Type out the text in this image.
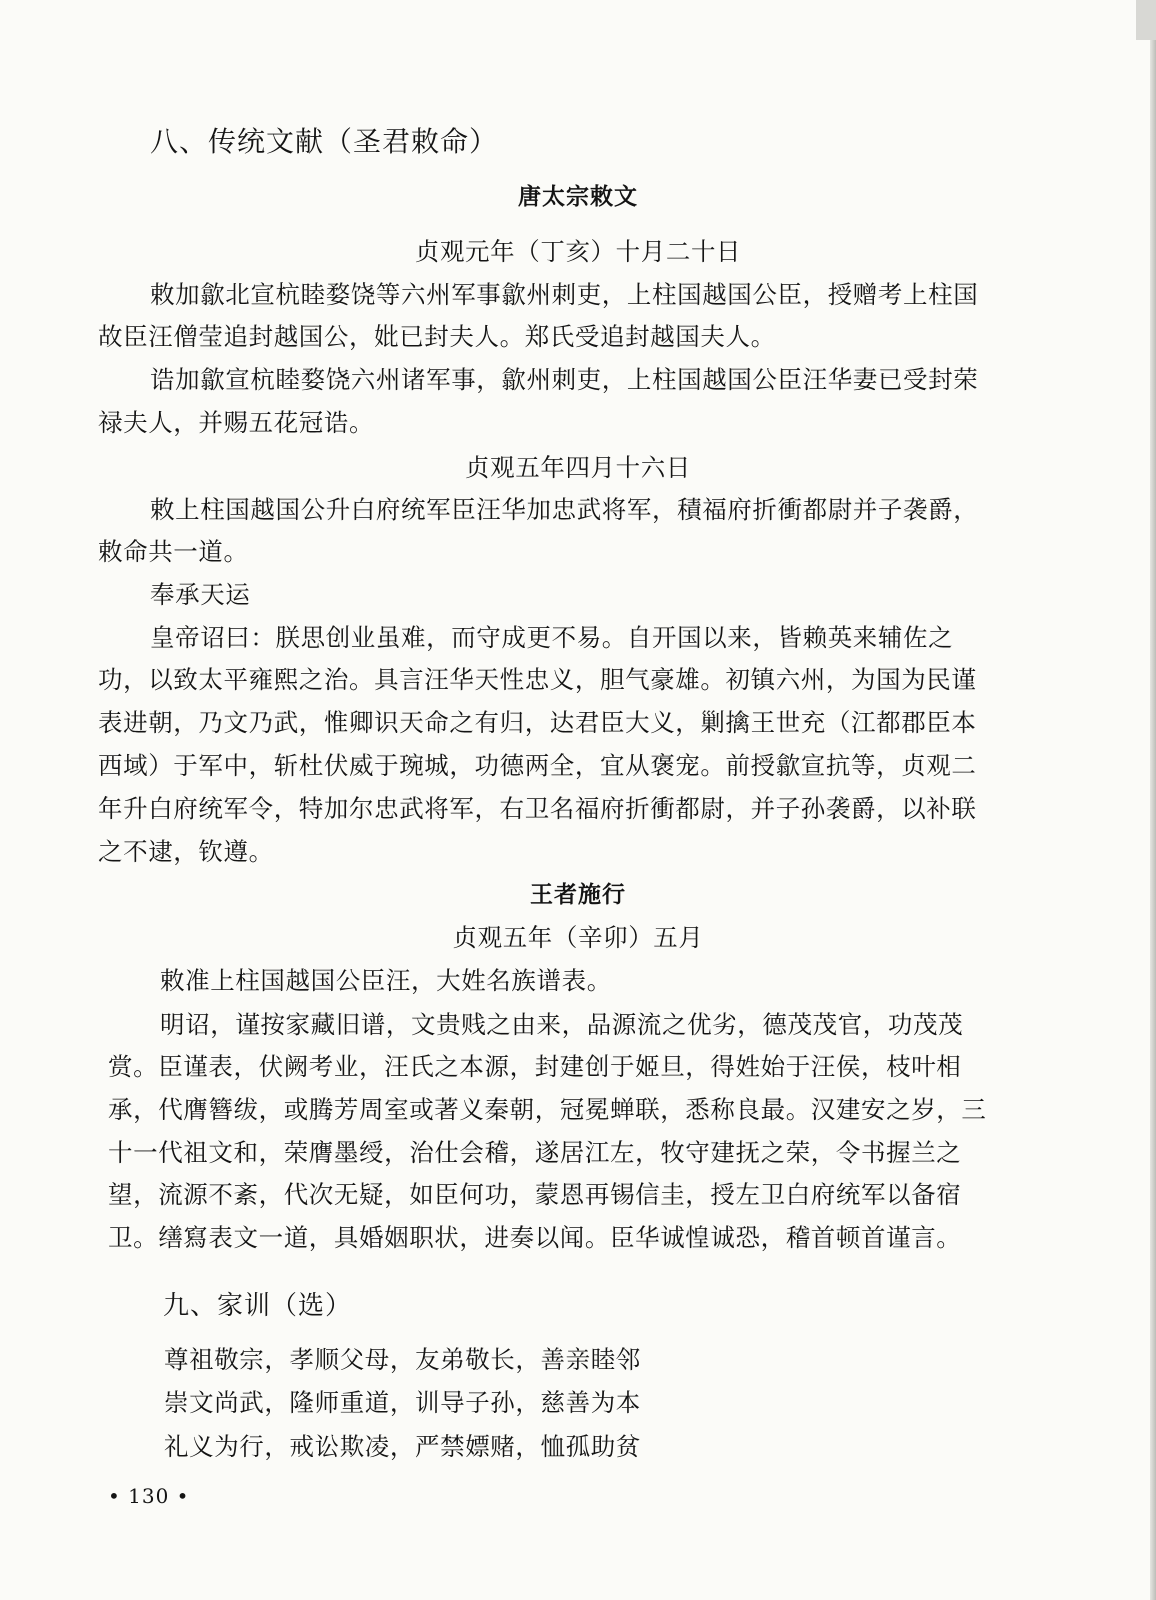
八、传统文献（圣君敕命）
唐太宗敕文
贞观元年（丁亥）十月二十日
敕加歙北宣杭睦婺饶等六州军事歙州刺吏，上柱国越国公臣，授赠考上柱国
故臣汪僧莹追封越国公，妣已封夫人。郑氏受追封越国夫人。
诰加歙宣杭睦婺饶六州诸军事，歙州刺吏，上柱国越国公臣汪华妻已受封荣
禄夫人，并赐五花冠诰。
贞观五年四月十六日
敕上柱国越国公升白府统军臣汪华加忠武将军，積福府折衝都尉并子袭爵，
敕命共一道。
奉承天运
皇帝诏曰：朕思创业虽难，而守成更不易。自开国以来，皆赖英来辅佐之
功，以致太平雍熙之治。具言汪华天性忠义，胆气豪雄。初镇六州，为国为民谨
表进朝，乃文乃武，惟卿识天命之有归，达君臣大义，剿擒王世充（江都郡臣本
西域）于军中，斩杜伏威于琬城，功德两全，宜从褒宠。前授歙宣抗等，贞观二
年升白府统军令，特加尔忠武将军，右卫名福府折衝都尉，并子孙袭爵，以补联
之不逮，钦遵。
王者施行
贞观五年（辛卯）五月
敕准上柱国越国公臣汪，大姓名族谱表。
明诏，谨按家藏旧谱，文贵贱之由来，品源流之优劣，德茂茂官，功茂茂
赏。臣谨表，伏阙考业，汪氏之本源，封建创于姬旦，得姓始于汪侯，枝叶相
承，代膺簪绂，或腾芳周室或著义秦朝，冠冕蝉联，悉称良最。汉建安之岁，三
十一代祖文和，荣膺墨绶，治仕会稽，遂居江左，牧守建抚之荣，令书握兰之
望，流源不紊，代次无疑，如臣何功，蒙恩再锡信圭，授左卫白府统军以备宿
卫。缮寫表文一道，具婚姻职状，进奏以闻。臣华诚惶诚恐，稽首顿首谨言。
九、家训（选）
尊祖敬宗，孝顺父母，友弟敬长，善亲睦邻
崇文尚武，隆师重道，训导子孙，慈善为本
礼义为行，戒讼欺凌，严禁嫖赌，恤孤助贫
• 130 •
